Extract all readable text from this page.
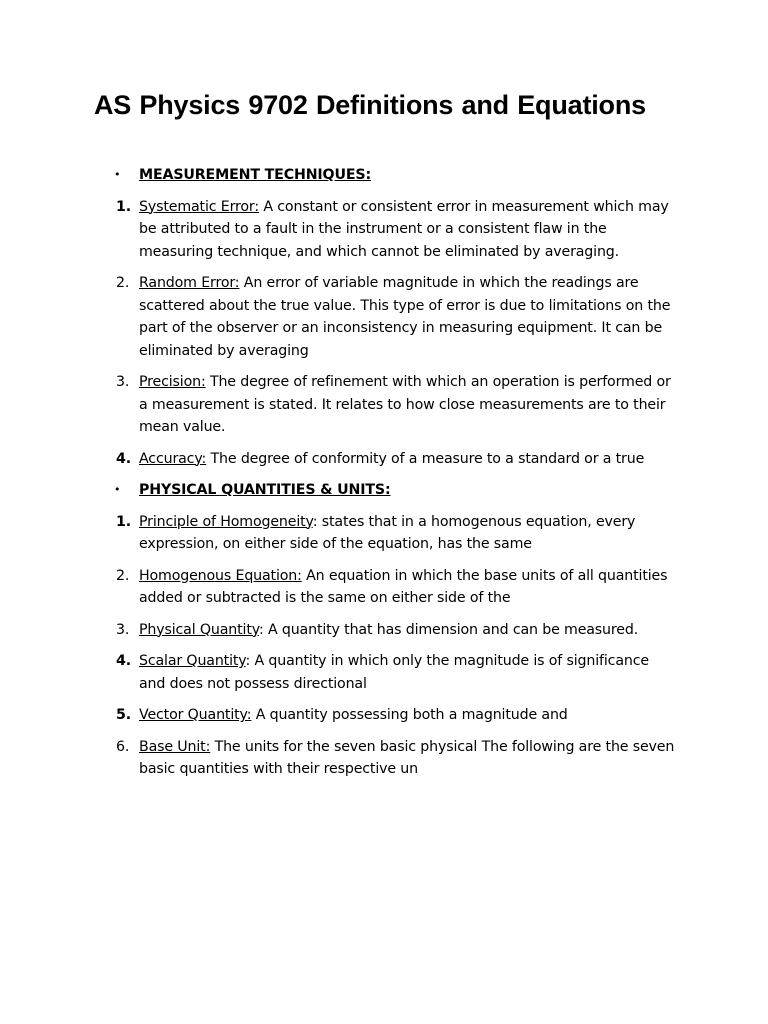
AS Physics 9702 Definitions and Equations
• MEASUREMENT TECHNIQUES:
1. Systematic Error: A constant or consistent error in measurement which may be attributed to a fault in the instrument or a consistent flaw in the measuring technique, and which cannot be eliminated by averaging.
2. Random Error: An error of variable magnitude in which the readings are scattered about the true value. This type of error is due to limitations on the part of the observer or an inconsistency in measuring equipment. It can be eliminated by averaging
3. Precision: The degree of refinement with which an operation is performed or a measurement is stated. It relates to how close measurements are to their mean value.
4. Accuracy: The degree of conformity of a measure to a standard or a true
• PHYSICAL QUANTITIES & UNITS:
1. Principle of Homogeneity: states that in a homogenous equation, every expression, on either side of the equation, has the same
2. Homogenous Equation: An equation in which the base units of all quantities added or subtracted is the same on either side of the
3. Physical Quantity: A quantity that has dimension and can be measured.
4. Scalar Quantity: A quantity in which only the magnitude is of significance and does not possess directional
5. Vector Quantity: A quantity possessing both a magnitude and
6. Base Unit: The units for the seven basic physical The following are the seven basic quantities with their respective un
